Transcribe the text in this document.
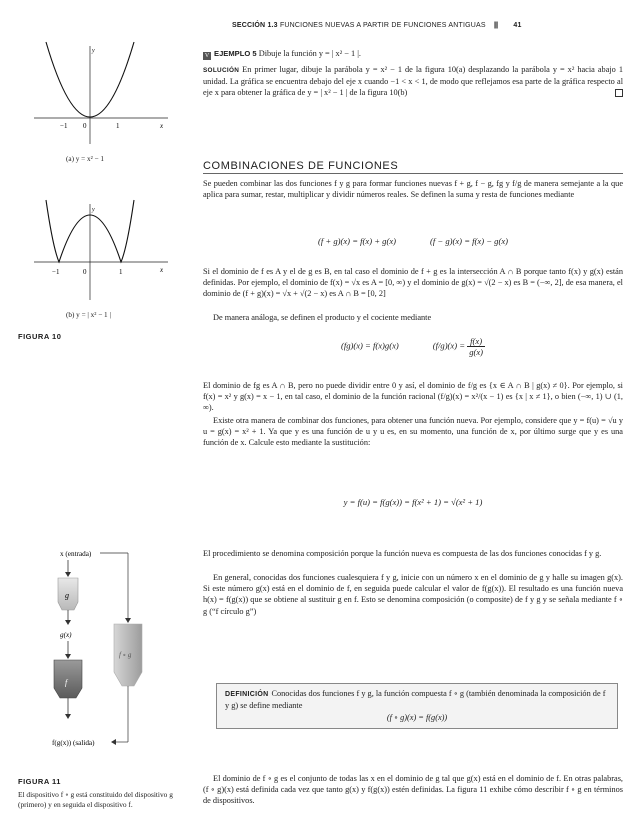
SECCIÓN 1.3 FUNCIONES NUEVAS A PARTIR DE FUNCIONES ANTIGUAS |||| 41
y
x
−1 0	1
(a) y = x² − 1
y
x
−1	0	1
(b) y = | x² − 1 |
FIGURA 10

V EJEMPLO 5 Dibuje la función y = | x² − 1 |.

SOLUCIÓN En primer lugar, dibuje la parábola y = x² − 1 de la figura 10(a) desplazando la parábola y = x² hacia abajo 1 unidad. La gráfica se encuentra debajo del eje x cuando −1 < x < 1, de modo que reflejamos esa parte de la gráfica respecto al eje x para obtener la gráfica de y = | x² − 1 | de la figura 10(b)

COMBINACIONES DE FUNCIONES
Se pueden combinar las dos funciones f y g para formar funciones nuevas f + g, f − g, fg y f/g de manera semejante a la que aplica para sumar, restar, multiplicar y dividir números reales. Se definen la suma y resta de funciones mediante
(f + g)(x) = f(x) + g(x)	(f − g)(x) = f(x) − g(x)
Si el dominio de f es A y el de g es B, en tal caso el dominio de f + g es la intersección A ∩ B porque tanto f(x) y g(x) están definidas. Por ejemplo, el dominio de f(x) = √x es A = [0, ∞) y el dominio de g(x) = √(2 − x) es B = (−∞, 2], de esa manera, el dominio de (f + g)(x) = √x + √(2 − x) es A ∩ B = [0, 2]
De manera análoga, se definen el producto y el cociente mediante
(fg)(x) = f(x)g(x)	$(f/g)(x) = \frac{f(x)}{g(x)}$
El dominio de fg es A ∩ B, pero no puede dividir entre 0 y así, el dominio de f/g es {x ∈ A ∩ B | g(x) ≠ 0}. Por ejemplo, si f(x) = x² y g(x) = x − 1, en tal caso, el dominio de la función racional (f/g)(x) = x²/(x − 1) es {x | x ≠ 1}, o bien (−∞, 1) ∪ (1, ∞).
Existe otra manera de combinar dos funciones, para obtener una función nueva. Por ejemplo, considere que y = f(u) = √u y u = g(x) = x² + 1. Ya que y es una función de u y u es, en su momento, una función de x, por último surge que y es una función de x. Calcule esto mediante la sustitución:
y = f(u) = f(g(x)) = f(x² + 1) = √(x² + 1)
El procedimiento se denomina composición porque la función nueva es compuesta de las dos funciones conocidas f y g.
En general, conocidas dos funciones cualesquiera f y g, inicie con un número x en el dominio de g y halle su imagen g(x). Si este número g(x) está en el dominio de f, en seguida puede calcular el valor de f(g(x)). El resultado es una función nueva h(x) = f(g(x)) que se obtiene al sustituir g en f. Esto se denomina composición (o composite) de f y g y se señala mediante f ∘ g (“f círculo g”)
DEFINICIÓN Conocidas dos funciones f y g, la función compuesta f ∘ g (también denominada la composición de f y g) se define mediante
(f ∘ g)(x) = f(g(x))
El dominio de f ∘ g es el conjunto de todas las x en el dominio de g tal que g(x) está en el dominio de f. En otras palabras, (f ∘ g)(x) está definida cada vez que tanto g(x) y f(g(x)) estén definidas. La figura 11 exhibe cómo describir f ∘ g en términos de dispositivos.
x (entrada)
g
g(x)
f ∘ g
f
f(g(x)) (salida)
FIGURA 11
El dispositivo f ∘ g está constituido del dispositivo g (primero) y en seguida el dispositivo f.
